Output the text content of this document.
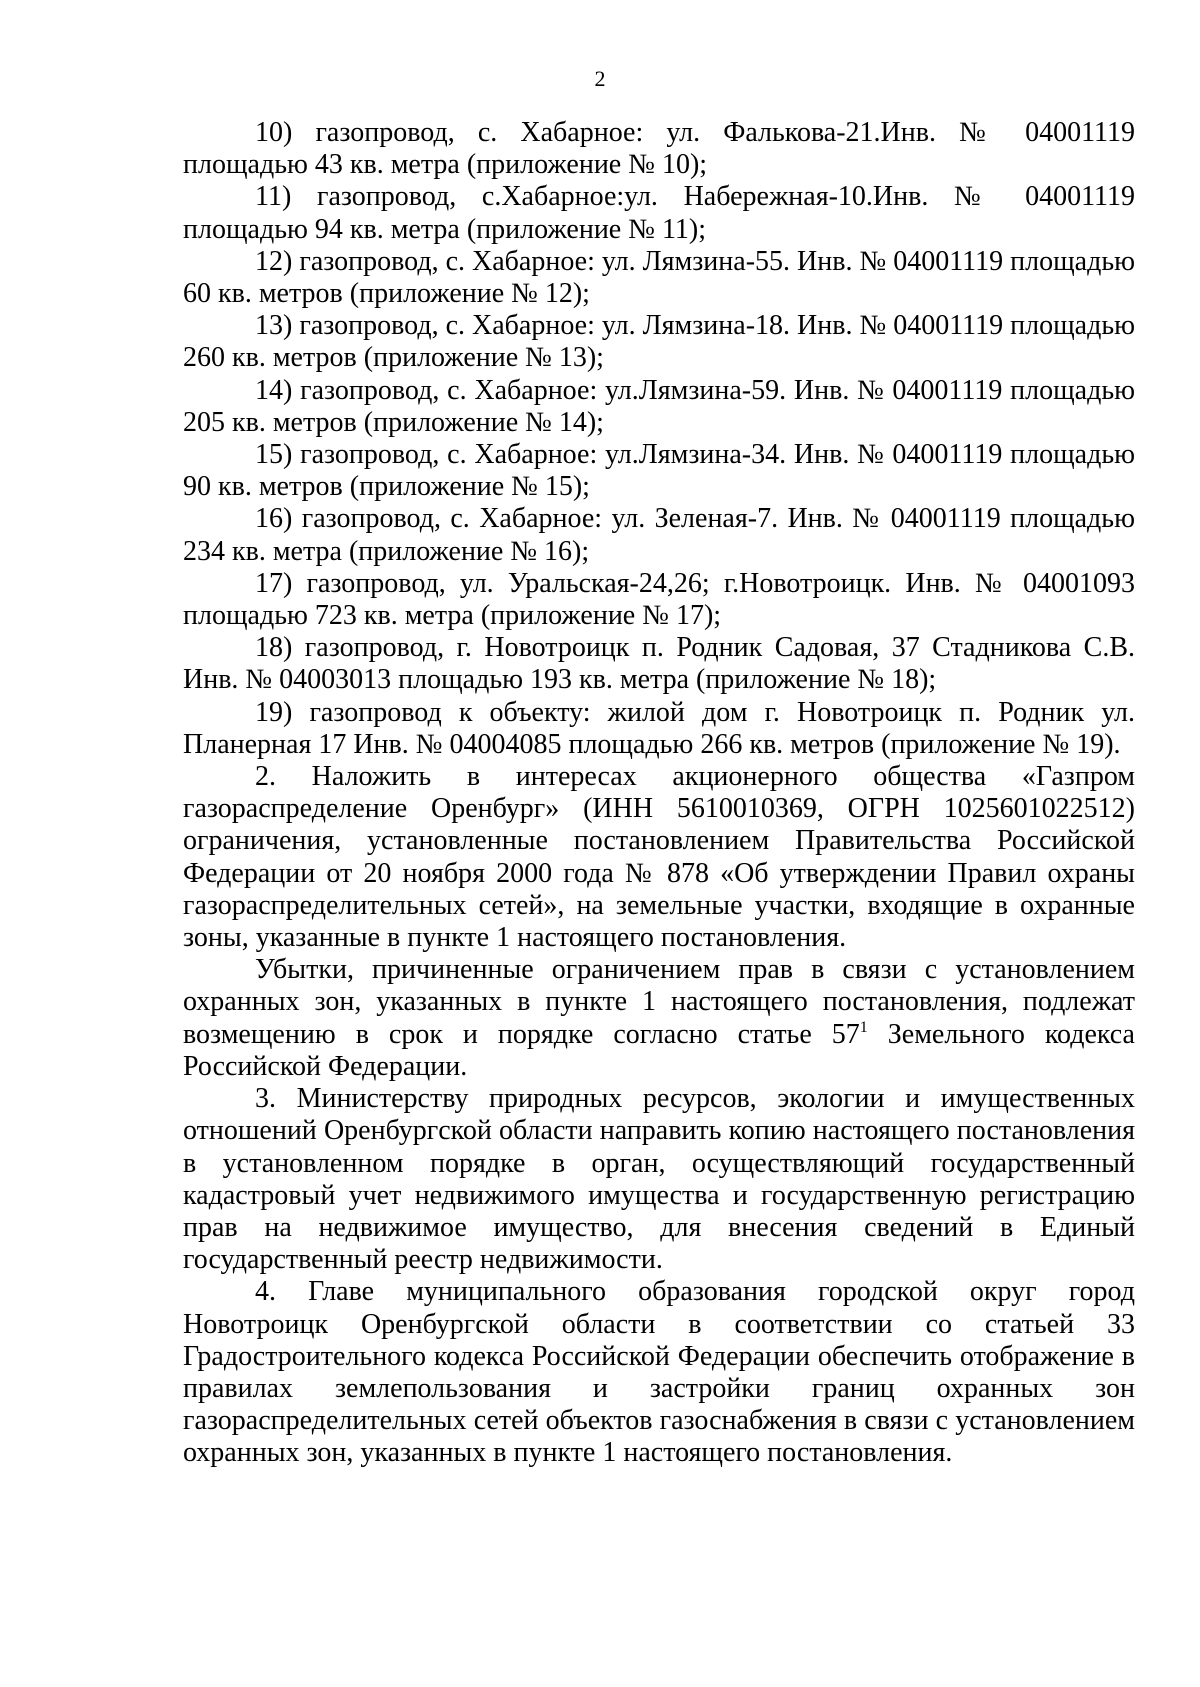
2

10) газопровод, с. Хабарное: ул. Фалькова-21.Инв. № 04001119 площадью 43 кв. метра (приложение № 10);

11) газопровод, с.Хабарное:ул. Набережная-10.Инв. № 04001119 площадью 94 кв. метра (приложение № 11);

12) газопровод, с. Хабарное: ул. Лямзина-55. Инв. № 04001119 площадью 60 кв. метров (приложение № 12);

13) газопровод, с. Хабарное: ул. Лямзина-18. Инв. № 04001119 площадью 260 кв. метров (приложение № 13);

14) газопровод, с. Хабарное: ул.Лямзина-59. Инв. № 04001119 площадью 205 кв. метров (приложение № 14);

15) газопровод, с. Хабарное: ул.Лямзина-34. Инв. № 04001119 площадью 90 кв. метров (приложение № 15);

16) газопровод, с. Хабарное: ул. Зеленая-7. Инв. № 04001119 площадью 234 кв. метра (приложение № 16);

17) газопровод, ул. Уральская-24,26; г.Новотроицк. Инв. № 04001093 площадью 723 кв. метра (приложение № 17);

18) газопровод, г. Новотроицк п. Родник Садовая, 37 Стадникова С.В. Инв. № 04003013 площадью 193 кв. метра (приложение № 18);

19) газопровод к объекту: жилой дом г. Новотроицк п. Родник ул. Планерная 17 Инв. № 04004085 площадью 266 кв. метров (приложение № 19).

2. Наложить в интересах акционерного общества «Газпром газораспределение Оренбург» (ИНН 5610010369, ОГРН 1025601022512) ограничения, установленные постановлением Правительства Российской Федерации от 20 ноября 2000 года № 878 «Об утверждении Правил охраны газораспределительных сетей», на земельные участки, входящие в охранные зоны, указанные в пункте 1 настоящего постановления.

Убытки, причиненные ограничением прав в связи с установлением охранных зон, указанных в пункте 1 настоящего постановления, подлежат возмещению в срок и порядке согласно статье $57^1$ Земельного кодекса Российской Федерации.

3. Министерству природных ресурсов, экологии и имущественных отношений Оренбургской области направить копию настоящего постановления в установленном порядке в орган, осуществляющий государственный кадастровый учет недвижимого имущества и государственную регистрацию прав на недвижимое имущество, для внесения сведений в Единый государственный реестр недвижимости.

4. Главе муниципального образования городской округ город Новотроицк Оренбургской области в соответствии со статьей 33 Градостроительного кодекса Российской Федерации обеспечить отображение в правилах землепользования и застройки границ охранных зон газораспределительных сетей объектов газоснабжения в связи с установлением охранных зон, указанных в пункте 1 настоящего постановления.
